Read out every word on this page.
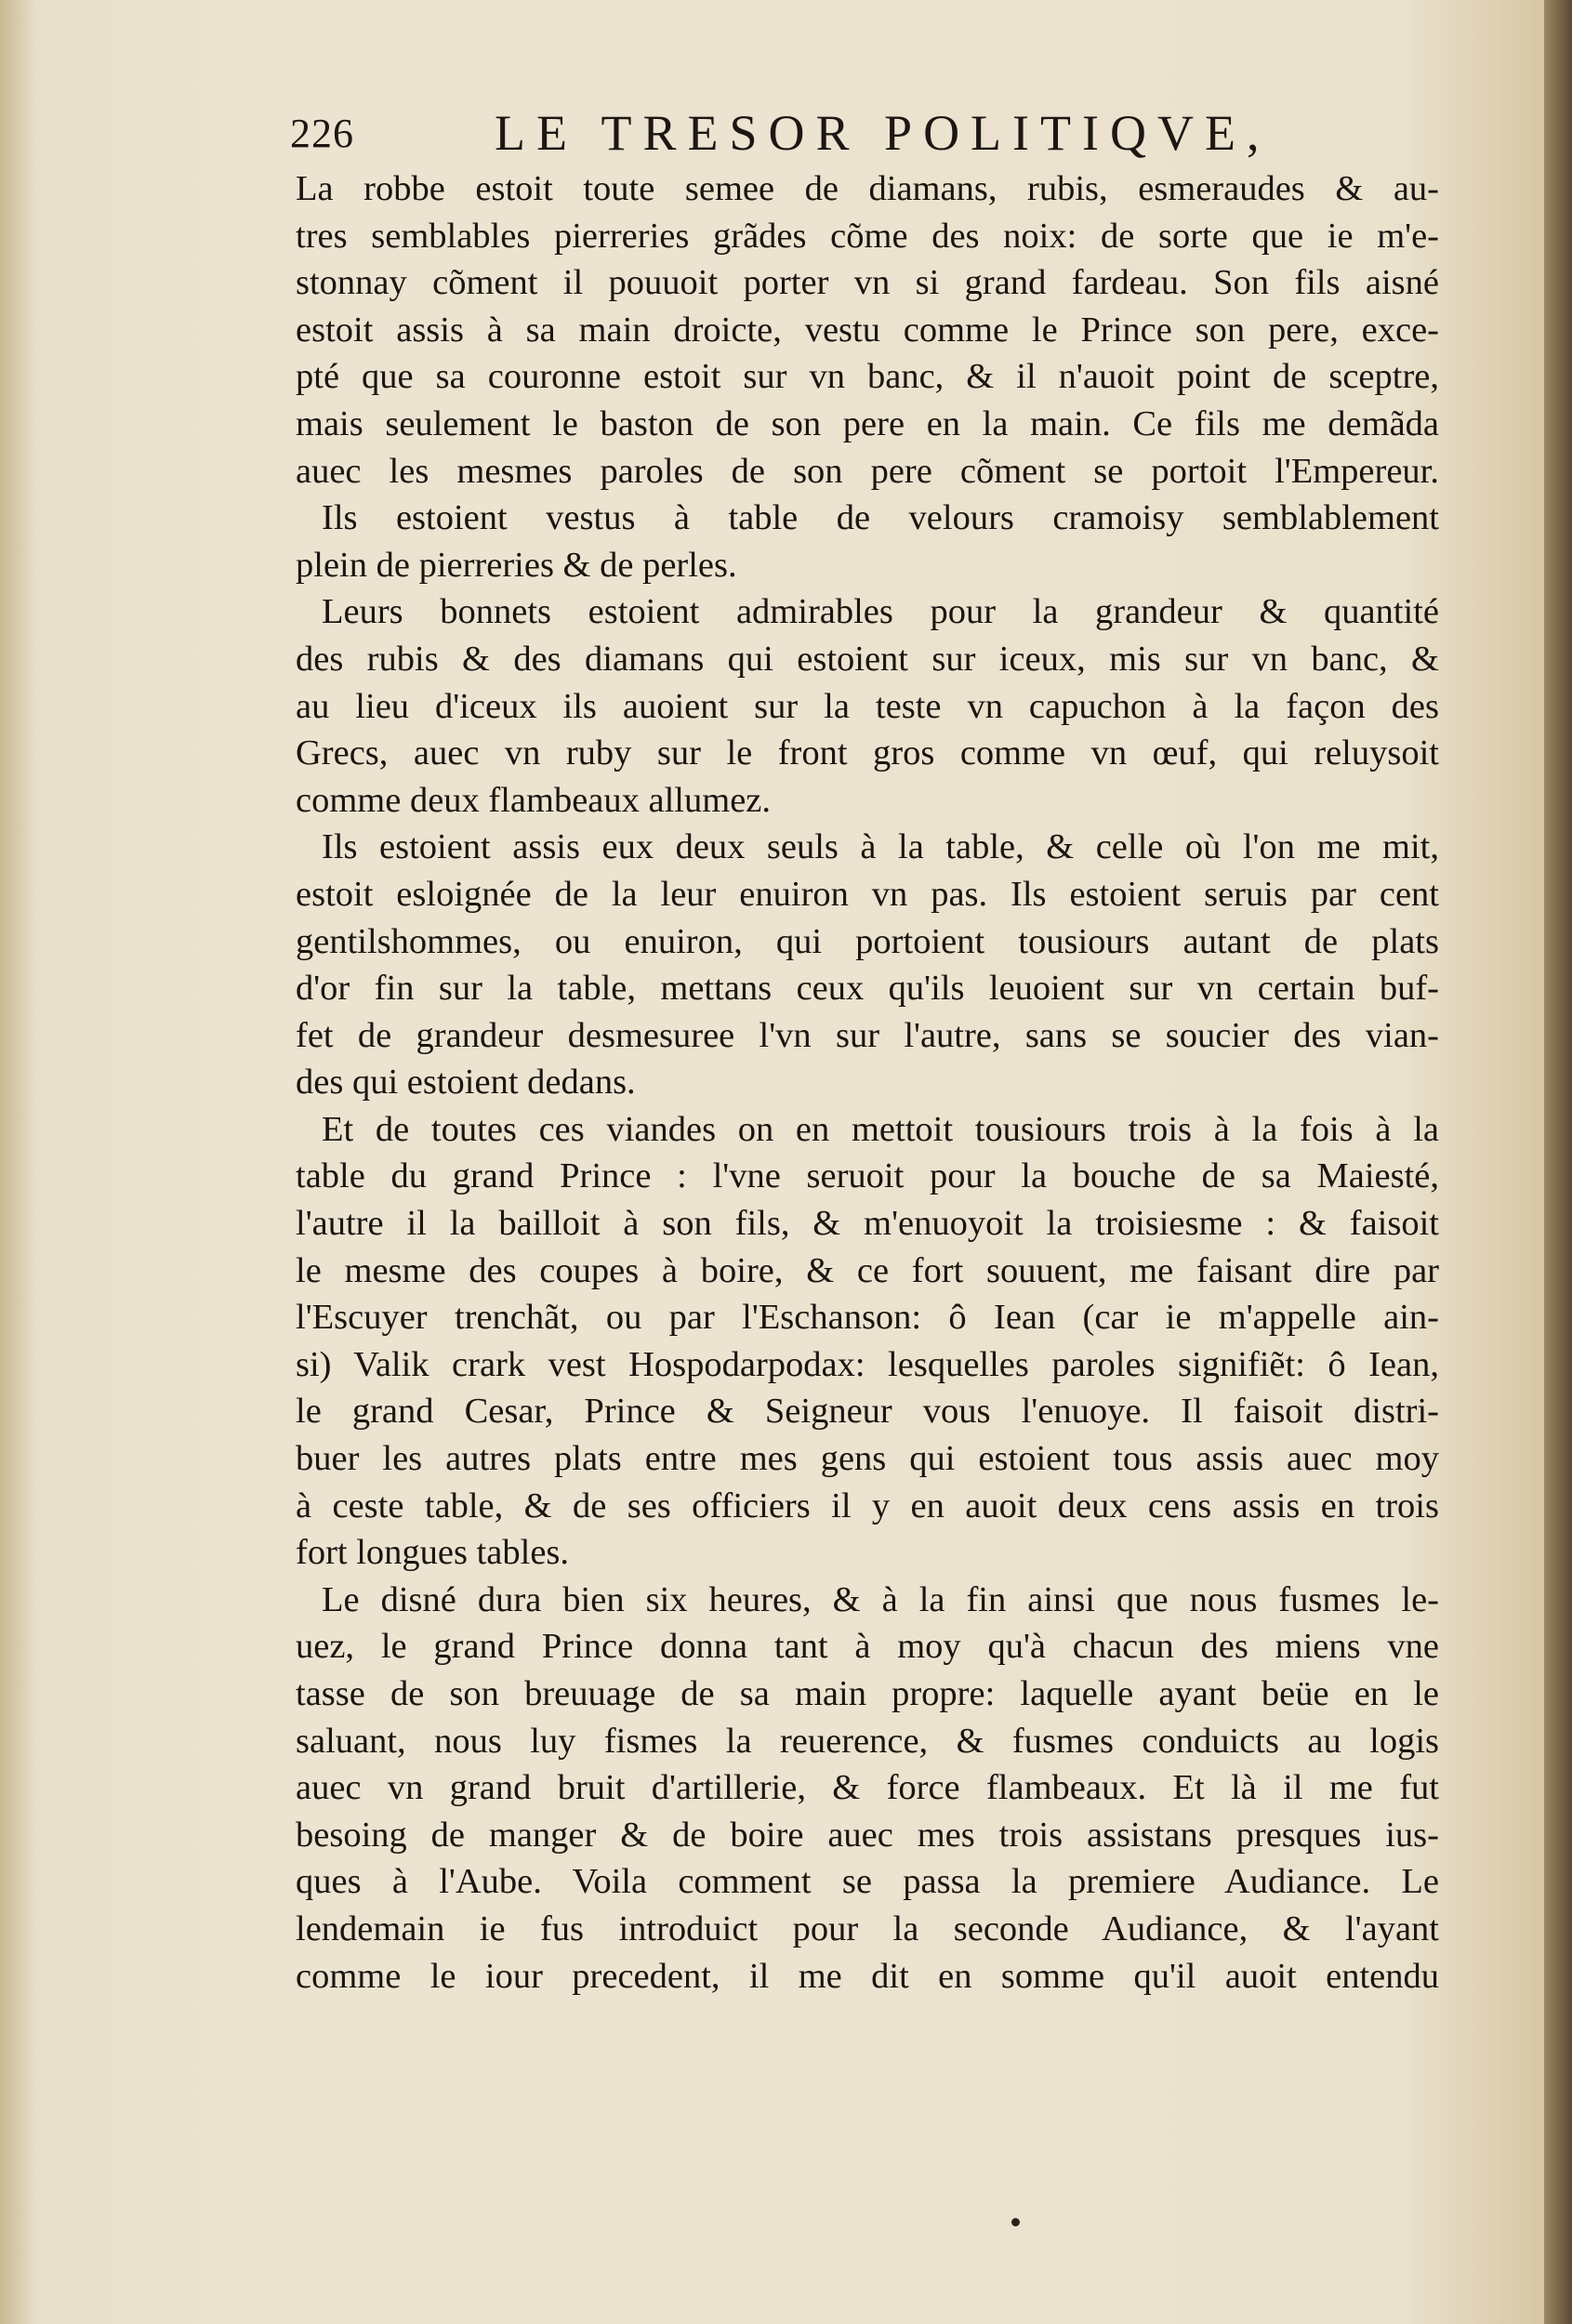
226	LE TRESOR POLITIQVE,
La robbe estoit toute semee de diamans, rubis, esmeraudes & au-
tres semblables pierreries grãdes cõme des noix: de sorte que ie m'e-
stonnay cõment il pouuoit porter vn si grand fardeau. Son fils aisné
estoit assis à sa main droicte, vestu comme le Prince son pere, exce-
pté que sa couronne estoit sur vn banc, & il n'auoit point de sceptre,
mais seulement le baston de son pere en la main. Ce fils me demãda
auec les mesmes paroles de son pere cõment se portoit l'Empereur.
Ils estoient vestus à table de velours cramoisy semblablement
plein de pierreries & de perles.
Leurs bonnets estoient admirables pour la grandeur & quantité
des rubis & des diamans qui estoient sur iceux, mis sur vn banc, &
au lieu d'iceux ils auoient sur la teste vn capuchon à la façon des
Grecs, auec vn ruby sur le front gros comme vn œuf, qui reluysoit
comme deux flambeaux allumez.
Ils estoient assis eux deux seuls à la table, & celle où l'on me mit,
estoit esloignée de la leur enuiron vn pas. Ils estoient seruis par cent
gentilshommes, ou enuiron, qui portoient tousiours autant de plats
d'or fin sur la table, mettans ceux qu'ils leuoient sur vn certain buf-
fet de grandeur desmesuree l'vn sur l'autre, sans se soucier des vian-
des qui estoient dedans.
Et de toutes ces viandes on en mettoit tousiours trois à la fois à la
table du grand Prince : l'vne seruoit pour la bouche de sa Maiesté,
l'autre il la bailloit à son fils, & m'enuoyoit la troisiesme : & faisoit
le mesme des coupes à boire, & ce fort souuent, me faisant dire par
l'Escuyer trenchãt, ou par l'Eschanson: ô Iean (car ie m'appelle ain-
si) Valik crark vest Hospodarpodax: lesquelles paroles signifiẽt: ô Iean,
le grand Cesar, Prince & Seigneur vous l'enuoye. Il faisoit distri-
buer les autres plats entre mes gens qui estoient tous assis auec moy
à ceste table, & de ses officiers il y en auoit deux cens assis en trois
fort longues tables.
Le disné dura bien six heures, & à la fin ainsi que nous fusmes le-
uez, le grand Prince donna tant à moy qu'à chacun des miens vne
tasse de son breuuage de sa main propre: laquelle ayant beüe en le
saluant, nous luy fismes la reuerence, & fusmes conduicts au logis
auec vn grand bruit d'artillerie, & force flambeaux. Et là il me fut
besoing de manger & de boire auec mes trois assistans presques ius-
ques à l'Aube. Voila comment se passa la premiere Audiance. Le
lendemain ie fus introduict pour la seconde Audiance, & l'ayant
comme le iour precedent, il me dit en somme qu'il auoit entendu
